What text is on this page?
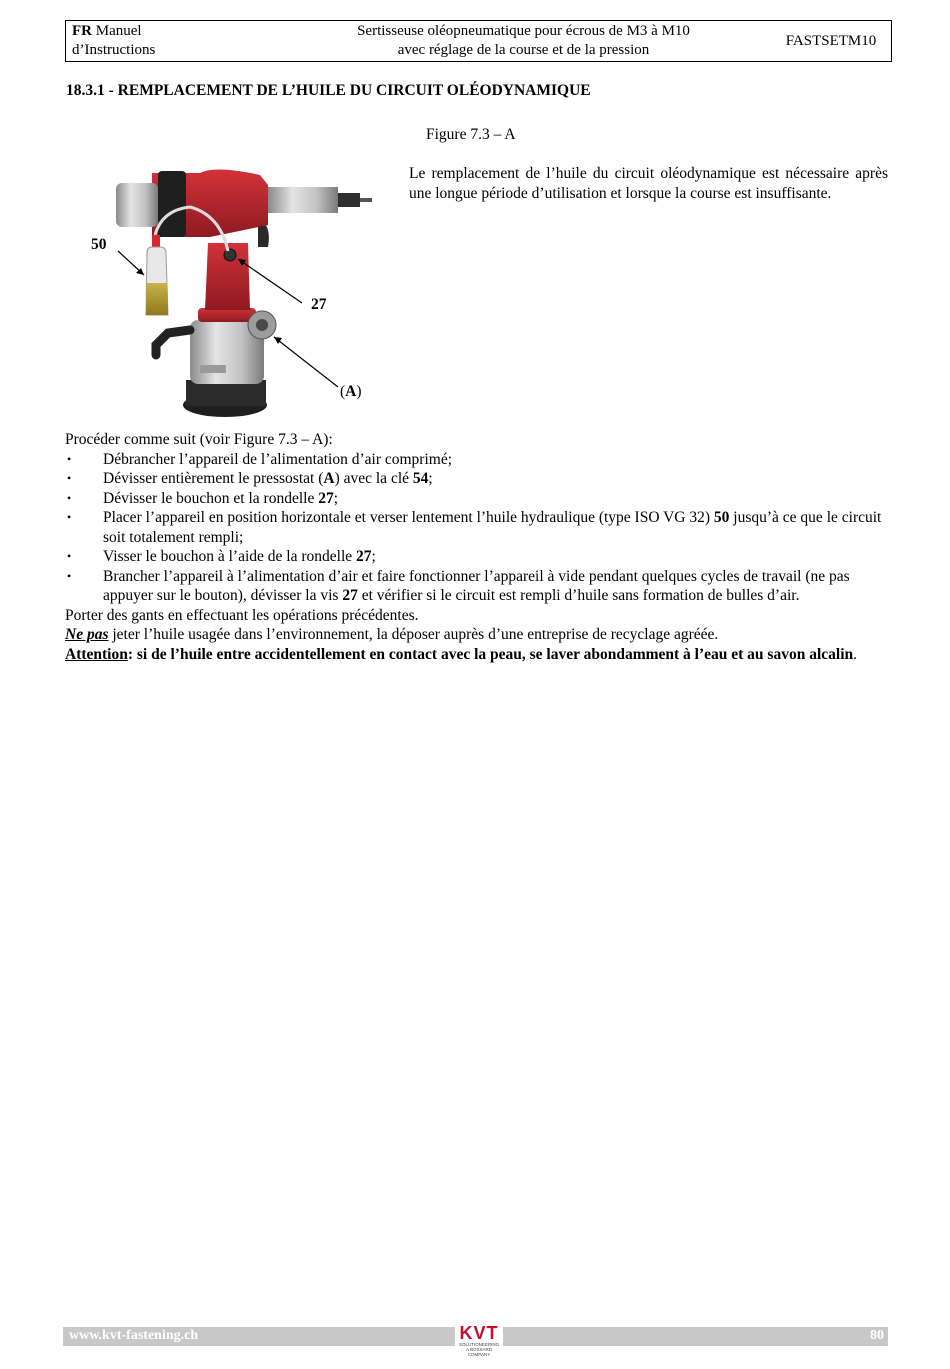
FR Manuel
d’Instructions
Sertisseuse oléopneumatique pour écrous de M3 à M10
avec réglage de la course et de la pression
FASTSETM10
18.3.1 - REMPLACEMENT DE L’HUILE DU CIRCUIT OLÉODYNAMIQUE
Figure 7.3 – A
50
27
(A)
Le remplacement de l’huile du circuit oléodynamique est nécessaire après une longue période d’utilisation et lorsque la course est insuffisante.

Procéder comme suit (voir Figure 7.3 – A):

• Débrancher l’appareil de l’alimentation d’air comprimé;
• Dévisser entièrement le pressostat (A) avec la clé 54;
• Dévisser le bouchon et la rondelle 27;
• Placer l’appareil en position horizontale et verser lentement l’huile hydraulique (type ISO VG 32) 50 jusqu’à ce que le circuit soit totalement rempli;
• Visser le bouchon à l’aide de la rondelle 27;
• Brancher l’appareil à l’alimentation d’air et faire fonctionner l’appareil à vide pendant quelques cycles de travail (ne pas appuyer sur le bouton), dévisser la vis 27 et vérifier si le circuit est rempli d’huile sans formation de bulles d’air.

Porter des gants en effectuant les opérations précédentes.

Ne pas jeter l’huile usagée dans l’environnement, la déposer auprès d’une entreprise de recyclage agréée.

Attention: si de l’huile entre accidentellement en contact avec la peau, se laver abondamment à l’eau et au savon alcalin.

www.kvt-fastening.ch	KVT
SOLUTIONEERING
A BOSSARD COMPANY
80
